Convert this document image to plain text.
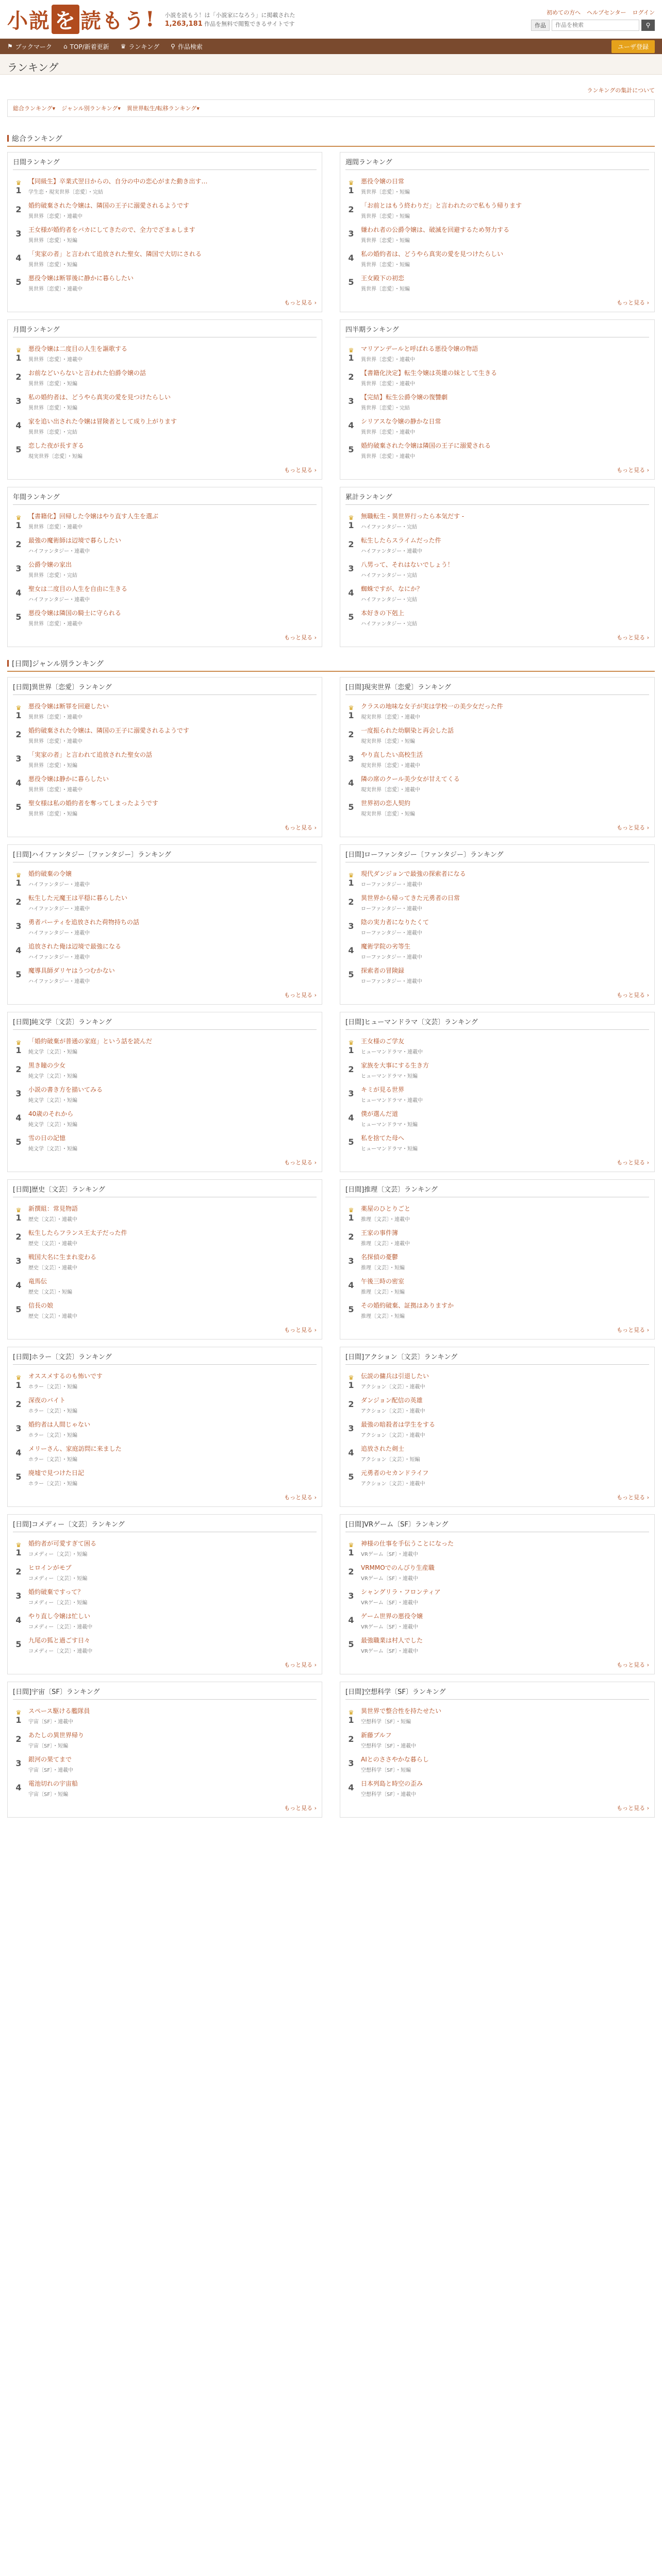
小 説 を 読 も う ! 小説を読もう！は「小説家になろう」に掲載された
1,263,181 作品を無料で閲覧できるサイトです
初めての方へ ヘルプセンター ログイン
作品
作品を検索	⚲
⚑ ブックマーク ⌂ TOP/新着更新 ♛ ランキング ⚲ 作品検索	ユーザ登録
ランキング
ランキングの集計について
総合ランキング ▾ ジャンル別ランキング ▾ 異世界転生/転移ランキング ▾
総合ランキング
日間ランキング
♛
1
【同級生】卒業式翌日からの、自分の中の恋心がまた動き出す…
学生恋・現実世界〔恋愛〕・完結
2	婚約破棄された令嬢は、隣国の王子に溺愛されるようです
異世界〔恋愛〕・連載中
3	王女様が婚約者をバカにしてきたので、全力でざまぁします
異世界〔恋愛〕・短編
4	「実家の者」と言われて追放された聖女、隣国で大切にされる
異世界〔恋愛〕・短編
5	悪役令嬢は断罪後に静かに暮らしたい
異世界〔恋愛〕・連載中
もっと見る ›
週間ランキング
♛
1
悪役令嬢の日常
異世界〔恋愛〕・短編
2	「お前とはもう終わりだ」と言われたので私もう帰ります
異世界〔恋愛〕・短編
3	嫌われ者の公爵令嬢は、破滅を回避するため努力する
異世界〔恋愛〕・短編
4	私の婚約者は、どうやら真実の愛を見つけたらしい
異世界〔恋愛〕・短編
5	王女殿下の初恋
異世界〔恋愛〕・短編
もっと見る ›
月間ランキング
♛
1
悪役令嬢は二度目の人生を謳歌する
異世界〔恋愛〕・連載中
2	お前などいらないと言われた伯爵令嬢の話
異世界〔恋愛〕・短編
3	私の婚約者は、どうやら真実の愛を見つけたらしい
異世界〔恋愛〕・短編
4	家を追い出された令嬢は冒険者として成り上がります
異世界〔恋愛〕・完結
5	恋した夜が長すぎる
現実世界〔恋愛〕・短編
もっと見る ›
四半期ランキング
♛
1
マリアンデールと呼ばれる悪役令嬢の物語
異世界〔恋愛〕・連載中
2	【書籍化決定】転生令嬢は英雄の妹として生きる
異世界〔恋愛〕・連載中
3	【完結】転生公爵令嬢の復讐劇
異世界〔恋愛〕・完結
4	シリアスな令嬢の静かな日常
異世界〔恋愛〕・連載中
5	婚約破棄された令嬢は隣国の王子に溺愛される
異世界〔恋愛〕・連載中
もっと見る ›
年間ランキング
♛
1
【書籍化】回帰した令嬢はやり直す人生を選ぶ
異世界〔恋愛〕・連載中
2	最強の魔術師は辺境で暮らしたい
ハイファンタジー・連載中
3	公爵令嬢の家出
異世界〔恋愛〕・完結
4	聖女は二度目の人生を自由に生きる
ハイファンタジー・連載中
5	悪役令嬢は隣国の騎士に守られる
異世界〔恋愛〕・連載中
もっと見る ›
累計ランキング
♛
1
無職転生 - 異世界行ったら本気だす -
ハイファンタジー・完結
2	転生したらスライムだった件
ハイファンタジー・連載中
3	八男って、それはないでしょう！
ハイファンタジー・完結
4	蜘蛛ですが、なにか？
ハイファンタジー・完結
5	本好きの下剋上
ハイファンタジー・完結
もっと見る ›
[日間]ジャンル別ランキング
[日間]異世界〔恋愛〕ランキング
♛
1
悪役令嬢は断罪を回避したい
異世界〔恋愛〕・連載中
2	婚約破棄された令嬢は、隣国の王子に溺愛されるようです
異世界〔恋愛〕・連載中
3	「実家の者」と言われて追放された聖女の話
異世界〔恋愛〕・短編
4	悪役令嬢は静かに暮らしたい
異世界〔恋愛〕・連載中
5	聖女様は私の婚約者を奪ってしまったようです
異世界〔恋愛〕・短編
もっと見る ›
[日間]現実世界〔恋愛〕ランキング
♛
1
クラスの地味な女子が実は学校一の美少女だった件
現実世界〔恋愛〕・連載中
2	一度振られた幼馴染と再会した話
現実世界〔恋愛〕・短編
3	やり直したい高校生活
現実世界〔恋愛〕・連載中
4	隣の席のクール美少女が甘えてくる
現実世界〔恋愛〕・連載中
5	世界初の恋人契約
現実世界〔恋愛〕・短編
もっと見る ›
[日間]ハイファンタジー〔ファンタジー〕ランキング
♛
1
婚約破棄の令嬢
ハイファンタジー・連載中
2	転生した元魔王は平穏に暮らしたい
ハイファンタジー・連載中
3	勇者パーティを追放された荷物持ちの話
ハイファンタジー・連載中
4	追放された俺は辺境で最強になる
ハイファンタジー・連載中
5	魔導具師ダリヤはうつむかない
ハイファンタジー・連載中
もっと見る ›
[日間]ローファンタジー〔ファンタジー〕ランキング
♛
1
現代ダンジョンで最強の探索者になる
ローファンタジー・連載中
2	異世界から帰ってきた元勇者の日常
ローファンタジー・連載中
3	陰の実力者になりたくて
ローファンタジー・連載中
4	魔術学院の劣等生
ローファンタジー・連載中
5	探索者の冒険録
ローファンタジー・連載中
もっと見る ›
[日間]純文学〔文芸〕ランキング
♛
1
「婚約破棄が普通の家庭」という話を読んだ
純文学〔文芸〕・短編
2	黒き瞳の少女
純文学〔文芸〕・短編
3	小説の書き方を描いてみる
純文学〔文芸〕・短編
4	40歳のそれから
純文学〔文芸〕・短編
5	雪の日の記憶
純文学〔文芸〕・短編
もっと見る ›
[日間]ヒューマンドラマ〔文芸〕ランキング
♛
1
王女様のご学友
ヒューマンドラマ・連載中
2	家族を大事にする生き方
ヒューマンドラマ・短編
3	キミが見る世界
ヒューマンドラマ・連載中
4	僕が選んだ道
ヒューマンドラマ・短編
5	私を捨てた母へ
ヒューマンドラマ・短編
もっと見る ›
[日間]歴史〔文芸〕ランキング
♛
1
新撰組：常見物語
歴史〔文芸〕・連載中
2	転生したらフランス王太子だった件
歴史〔文芸〕・連載中
3	戦国大名に生まれ変わる
歴史〔文芸〕・連載中
4	竜馬伝
歴史〔文芸〕・短編
5	信長の娘
歴史〔文芸〕・連載中
もっと見る ›
[日間]推理〔文芸〕ランキング
♛
1
薬屋のひとりごと
推理〔文芸〕・連載中
2	王家の事件簿
推理〔文芸〕・連載中
3	名探偵の憂鬱
推理〔文芸〕・短編
4	午後三時の密室
推理〔文芸〕・短編
5	その婚約破棄、証拠はありますか
推理〔文芸〕・短編
もっと見る ›
[日間]ホラー〔文芸〕ランキング
♛
1
オススメするのも怖いです
ホラー〔文芸〕・短編
2	深夜のバイト
ホラー〔文芸〕・短編
3	婚約者は人間じゃない
ホラー〔文芸〕・短編
4	メリーさん、家庭訪問に来ました
ホラー〔文芸〕・短編
5	廃墟で見つけた日記
ホラー〔文芸〕・短編
もっと見る ›
[日間]アクション〔文芸〕ランキング
♛
1
伝説の傭兵は引退したい
アクション〔文芸〕・連載中
2	ダンジョン配信の英雄
アクション〔文芸〕・連載中
3	最強の暗殺者は学生をする
アクション〔文芸〕・連載中
4	追放された剣士
アクション〔文芸〕・短編
5	元勇者のセカンドライフ
アクション〔文芸〕・連載中
もっと見る ›
[日間]コメディー〔文芸〕ランキング
♛
1
婚約者が可愛すぎて困る
コメディー〔文芸〕・短編
2	ヒロインがモブ
コメディー〔文芸〕・短編
3	婚約破棄ですって？
コメディー〔文芸〕・短編
4	やり直し令嬢は忙しい
コメディー〔文芸〕・連載中
5	九尾の狐と過ごす日々
コメディー〔文芸〕・連載中
もっと見る ›
[日間]VRゲーム〔SF〕ランキング
♛
1
神様の仕事を手伝うことになった
VRゲーム〔SF〕・連載中
2	VRMMOでのんびり生産職
VRゲーム〔SF〕・連載中
3	シャングリラ・フロンティア
VRゲーム〔SF〕・連載中
4	ゲーム世界の悪役令嬢
VRゲーム〔SF〕・連載中
5	最強職業は村人でした
VRゲーム〔SF〕・連載中
もっと見る ›
[日間]宇宙〔SF〕ランキング
♛
1
スペース駆ける艦隊員
宇宙〔SF〕・連載中
2	あたしの異世界帰り
宇宙〔SF〕・短編
3	銀河の果てまで
宇宙〔SF〕・連載中
4	電池切れの宇宙船
宇宙〔SF〕・短編
もっと見る ›
[日間]空想科学〔SF〕ランキング
♛
1
異世界で整合性を持たせたい
空想科学〔SF〕・短編
2	新藤プルフ
空想科学〔SF〕・連載中
3	AIとのささやかな暮らし
空想科学〔SF〕・短編
4	日本列島と時空の歪み
空想科学〔SF〕・連載中
もっと見る ›
